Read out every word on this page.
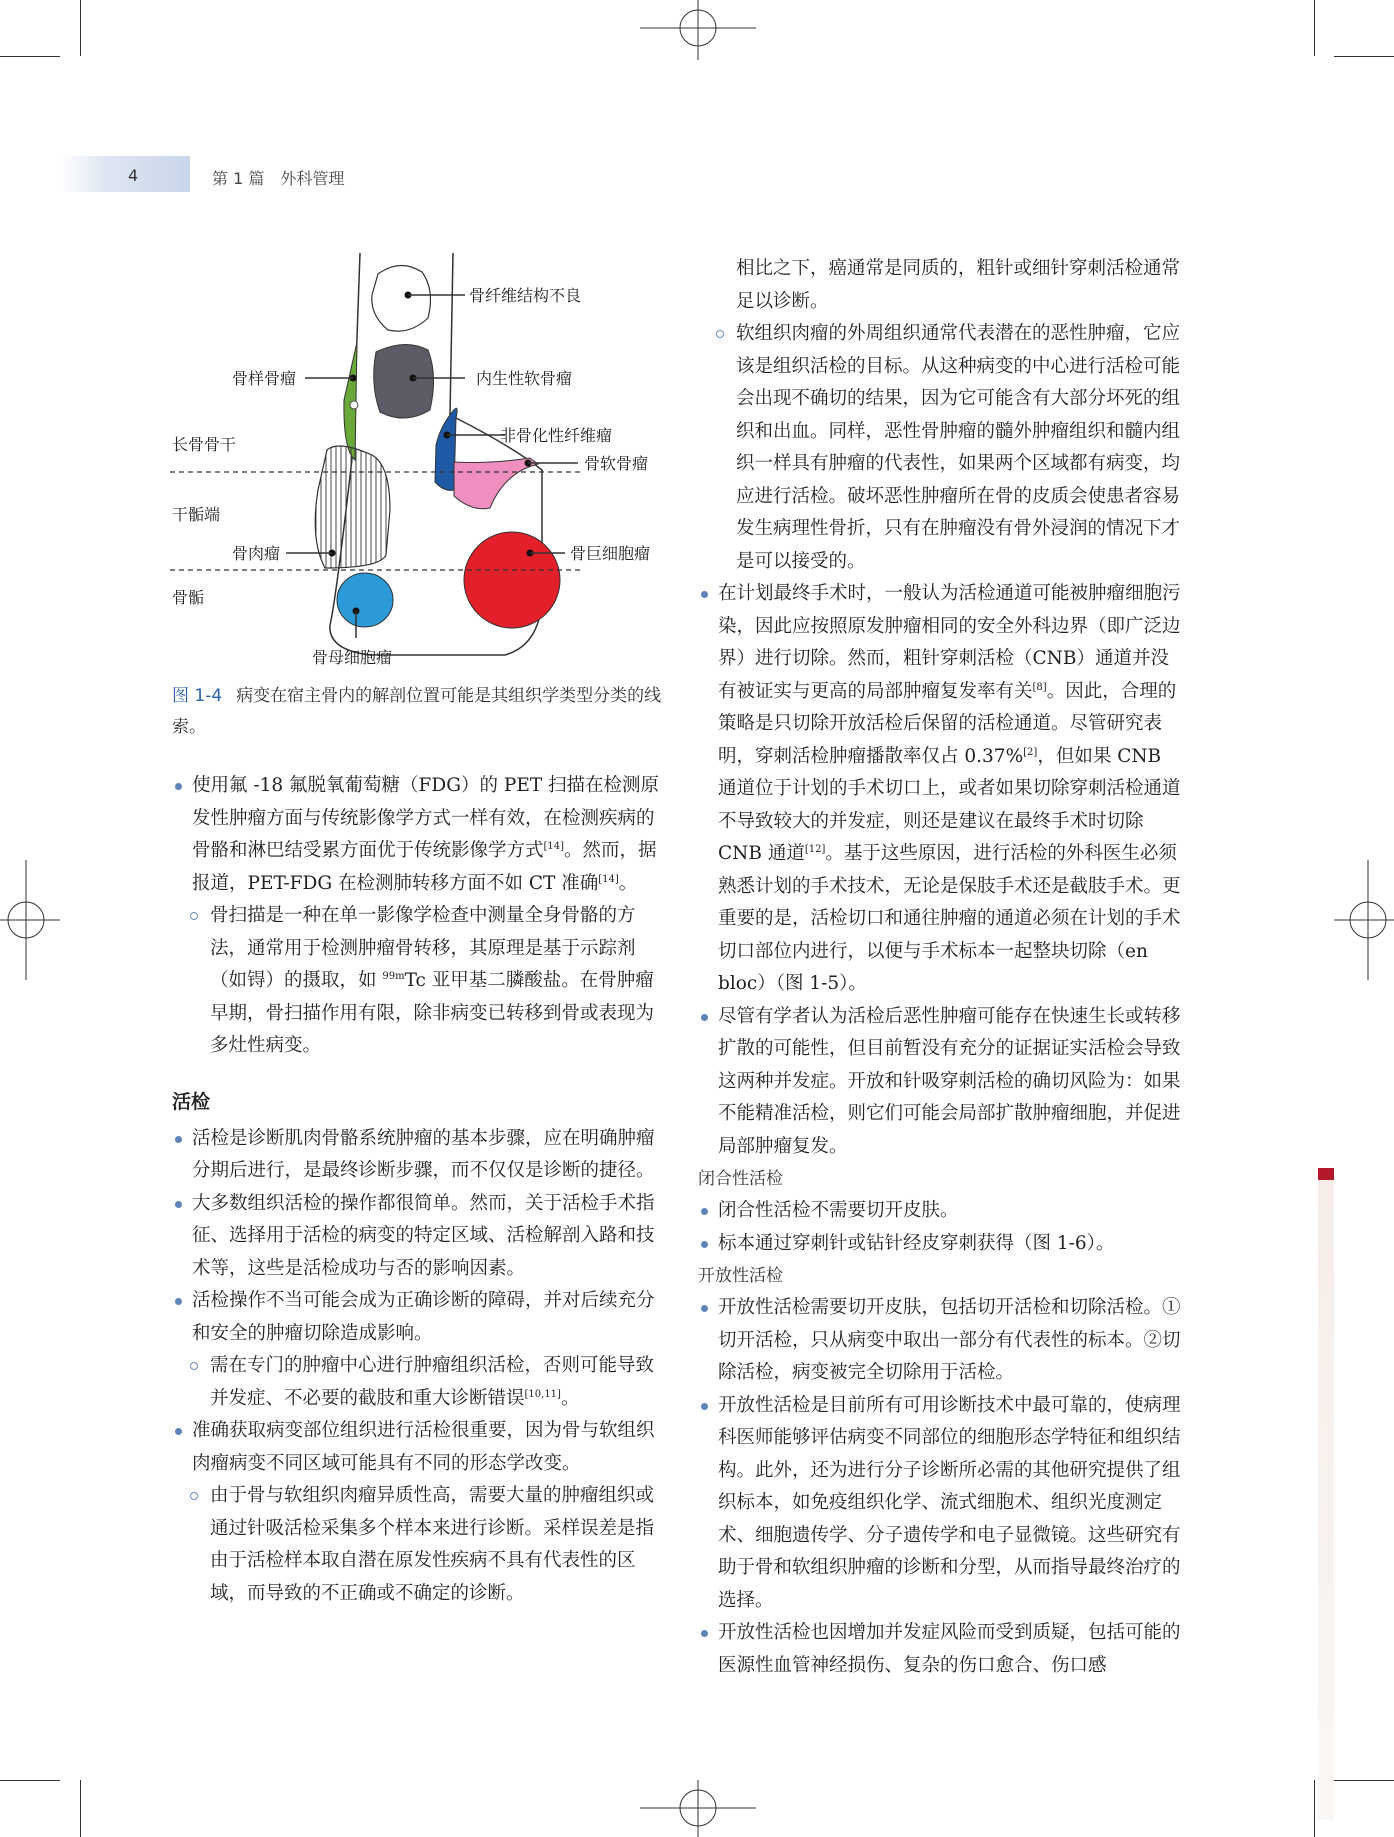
4	第 1 篇　外科管理
骨纤维结构不良
骨样骨瘤	内生性软骨瘤
非骨化性纤维瘤
长骨骨干
骨软骨瘤
干骺端
骨肉瘤	骨巨细胞瘤
骨骺
骨母细胞瘤
图 1-4 病变在宿主骨内的解剖位置可能是其组织学类型分类的线索。

使用氟 -18 氟脱氧葡萄糖（FDG）的 PET 扫描在检测原发性肿瘤方面与传统影像学方式一样有效，在检测疾病的骨骼和淋巴结受累方面优于传统影像学方式[14]。然而，据报道，PET-FDG 在检测肺转移方面不如 CT 准确[14]。

骨扫描是一种在单一影像学检查中测量全身骨骼的方法，通常用于检测肿瘤骨转移，其原理是基于示踪剂（如锝）的摄取，如 $^{99m}$Tc 亚甲基二膦酸盐。在骨肿瘤早期，骨扫描作用有限，除非病变已转移到骨或表现为多灶性病变。

活检

活检是诊断肌肉骨骼系统肿瘤的基本步骤，应在明确肿瘤分期后进行，是最终诊断步骤，而不仅仅是诊断的捷径。

大多数组织活检的操作都很简单。然而，关于活检手术指征、选择用于活检的病变的特定区域、活检解剖入路和技术等，这些是活检成功与否的影响因素。

活检操作不当可能会成为正确诊断的障碍，并对后续充分和安全的肿瘤切除造成影响。

需在专门的肿瘤中心进行肿瘤组织活检，否则可能导致并发症、不必要的截肢和重大诊断错误[10,11]。

准确获取病变部位组织进行活检很重要，因为骨与软组织肉瘤病变不同区域可能具有不同的形态学改变。

由于骨与软组织肉瘤异质性高，需要大量的肿瘤组织或通过针吸活检采集多个样本来进行诊断。采样误差是指由于活检样本取自潜在原发性疾病不具有代表性的区域，而导致的不正确或不确定的诊断。

相比之下，癌通常是同质的，粗针或细针穿刺活检通常足以诊断。

软组织肉瘤的外周组织通常代表潜在的恶性肿瘤，它应该是组织活检的目标。从这种病变的中心进行活检可能会出现不确切的结果，因为它可能含有大部分坏死的组织和出血。同样，恶性骨肿瘤的髓外肿瘤组织和髓内组织一样具有肿瘤的代表性，如果两个区域都有病变，均应进行活检。破坏恶性肿瘤所在骨的皮质会使患者容易发生病理性骨折，只有在肿瘤没有骨外浸润的情况下才是可以接受的。

在计划最终手术时，一般认为活检通道可能被肿瘤细胞污染，因此应按照原发肿瘤相同的安全外科边界（即广泛边界）进行切除。然而，粗针穿刺活检（CNB）通道并没有被证实与更高的局部肿瘤复发率有关[8]。因此，合理的策略是只切除开放活检后保留的活检通道。尽管研究表明，穿刺活检肿瘤播散率仅占 0.37%[2]，但如果 CNB 通道位于计划的手术切口上，或者如果切除穿刺活检通道不导致较大的并发症，则还是建议在最终手术时切除 CNB 通道[12]。基于这些原因，进行活检的外科医生必须熟悉计划的手术技术，无论是保肢手术还是截肢手术。更重要的是，活检切口和通往肿瘤的通道必须在计划的手术切口部位内进行，以便与手术标本一起整块切除（en bloc）（图 1-5）。

尽管有学者认为活检后恶性肿瘤可能存在快速生长或转移扩散的可能性，但目前暂没有充分的证据证实活检会导致这两种并发症。开放和针吸穿刺活检的确切风险为：如果不能精准活检，则它们可能会局部扩散肿瘤细胞，并促进局部肿瘤复发。

闭合性活检

闭合性活检不需要切开皮肤。

标本通过穿刺针或钻针经皮穿刺获得（图 1-6）。

开放性活检

开放性活检需要切开皮肤，包括切开活检和切除活检。①切开活检，只从病变中取出一部分有代表性的标本。②切除活检，病变被完全切除用于活检。

开放性活检是目前所有可用诊断技术中最可靠的，使病理科医师能够评估病变不同部位的细胞形态学特征和组织结构。此外，还为进行分子诊断所必需的其他研究提供了组织标本，如免疫组织化学、流式细胞术、组织光度测定术、细胞遗传学、分子遗传学和电子显微镜。这些研究有助于骨和软组织肿瘤的诊断和分型，从而指导最终治疗的选择。

开放性活检也因增加并发症风险而受到质疑，包括可能的医源性血管神经损伤、复杂的伤口愈合、伤口感
